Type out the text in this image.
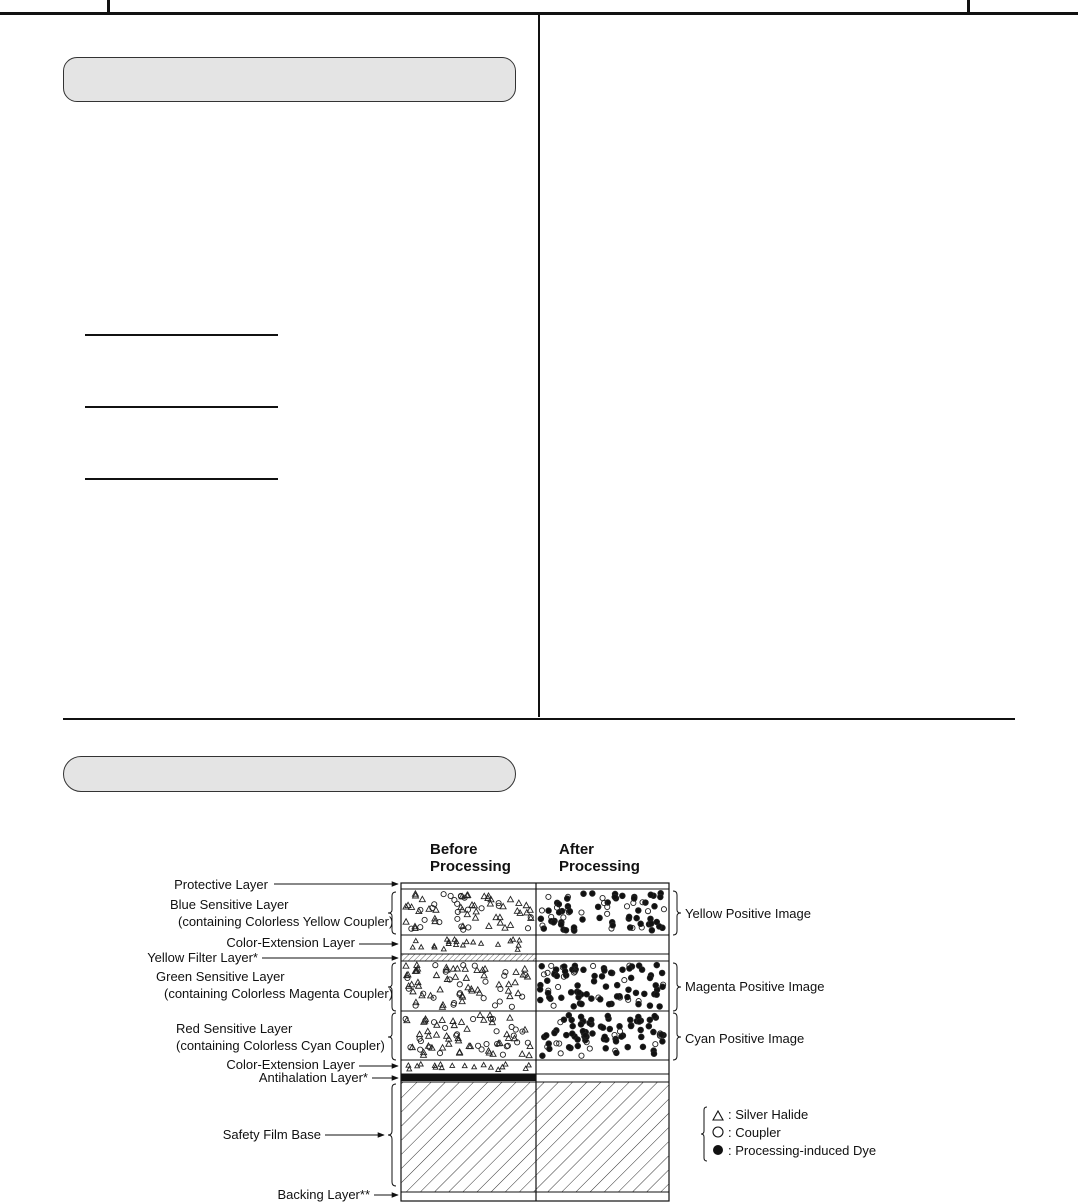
Before
Processing
After
Processing
Protective Layer
Blue Sensitive Layer
(containing Colorless Yellow Coupler)
Color-Extension Layer
Yellow Filter Layer*
Green Sensitive Layer
(containing Colorless Magenta Coupler)
Red Sensitive Layer
(containing Colorless Cyan Coupler)
Color-Extension Layer
Antihalation Layer*
Safety Film Base
Backing Layer**
Yellow Positive Image
Magenta Positive Image
Cyan Positive Image
: Silver Halide
: Coupler
: Processing-induced Dye
